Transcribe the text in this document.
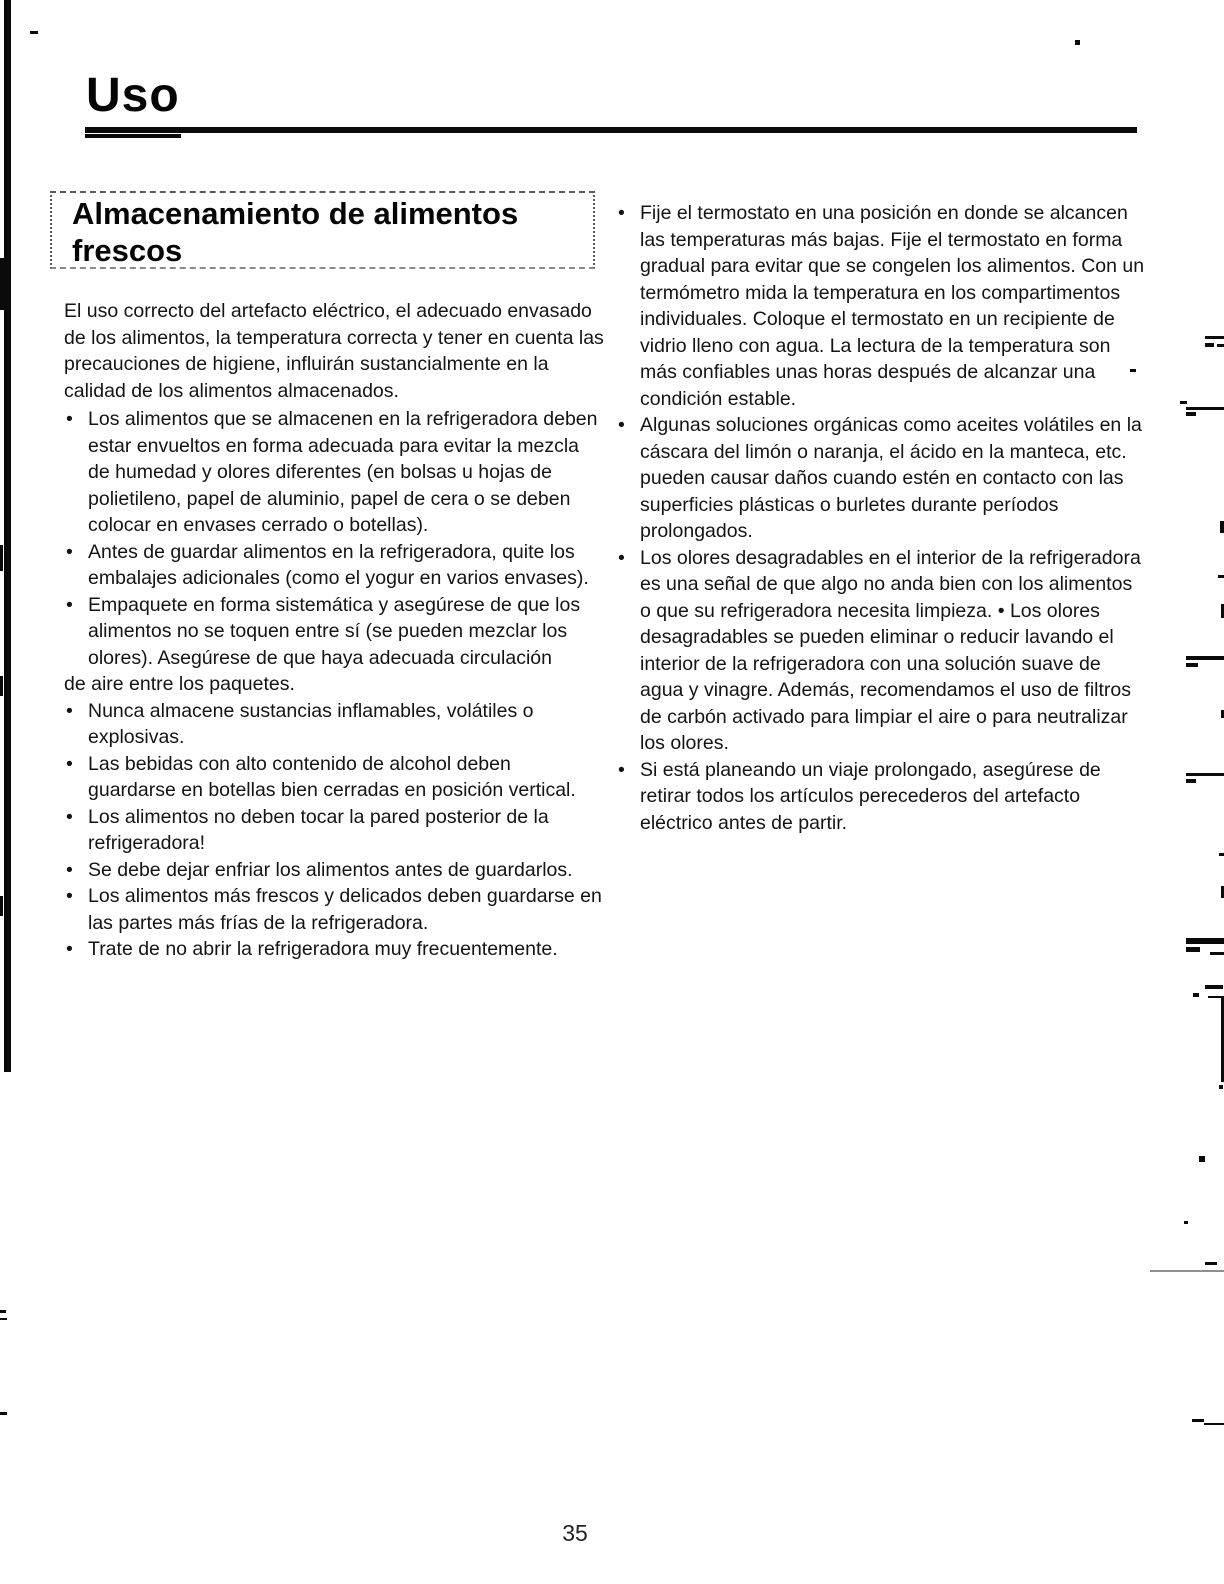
Uso
Almacenamiento de alimentos frescos

El uso correcto del artefacto eléctrico, el adecuado envasado de los alimentos, la temperatura correcta y tener en cuenta las precauciones de higiene, influirán sustancialmente en la calidad de los alimentos almacenados.

• Los alimentos que se almacenen en la refrigeradora deben estar envueltos en forma adecuada para evitar la mezcla de humedad y olores diferentes (en bolsas u hojas de polietileno, papel de aluminio, papel de cera o se deben colocar en envases cerrado o botellas).
• Antes de guardar alimentos en la refrigeradora, quite los embalajes adicionales (como el yogur en varios envases).
• Empaquete en forma sistemática y asegúrese de que los alimentos no se toquen entre sí (se pueden mezclar los olores). Asegúrese de que haya adecuada circulación
de aire entre los paquetes.
• Nunca almacene sustancias inflamables, volátiles o explosivas.
• Las bebidas con alto contenido de alcohol deben guardarse en botellas bien cerradas en posición vertical.
• Los alimentos no deben tocar la pared posterior de la refrigeradora!
• Se debe dejar enfriar los alimentos antes de guardarlos.
• Los alimentos más frescos y delicados deben guardarse en las partes más frías de la refrigeradora.
• Trate de no abrir la refrigeradora muy frecuentemente.
• Fije el termostato en una posición en donde se alcancen las temperaturas más bajas. Fije el termostato en forma gradual para evitar que se congelen los alimentos. Con un termómetro mida la temperatura en los compartimentos individuales. Coloque el termostato en un recipiente de vidrio lleno con agua. La lectura de la temperatura son más confiables unas horas después de alcanzar una condición estable.
• Algunas soluciones orgánicas como aceites volátiles en la cáscara del limón o naranja, el ácido en la manteca, etc. pueden causar daños cuando estén en contacto con las superficies plásticas o burletes durante períodos prolongados.
• Los olores desagradables en el interior de la refrigeradora es una señal de que algo no anda bien con los alimentos o que su refrigeradora necesita limpieza. • Los olores desagradables se pueden eliminar o reducir lavando el interior de la refrigeradora con una solución suave de agua y vinagre. Además, recomendamos el uso de filtros de carbón activado para limpiar el aire o para neutralizar los olores.
• Si está planeando un viaje prolongado, asegúrese de retirar todos los artículos perecederos del artefacto eléctrico antes de partir.
35
